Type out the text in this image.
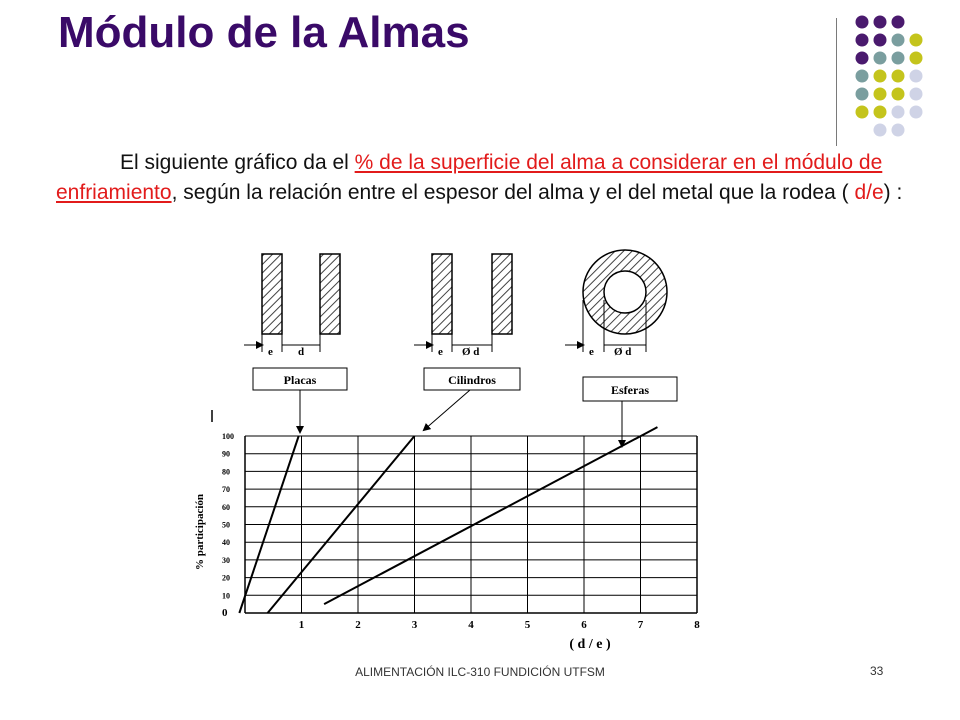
Módulo de la Almas
El siguiente gráfico da el % de la superficie del alma a considerar en el módulo de enfriamiento, según la relación entre el espesor del alma y el del metal que la rodea ( d/e) :
e d
Placas
e Ø d
Cilindros
e Ø d
Esferas
0
10
20
30
40
50
60
70
80
90
100
1	2	3	4	5	6	7	8
% participación
( d / e )
ALIMENTACIÓN ILC-310 FUNDICIÓN UTFSM	33
